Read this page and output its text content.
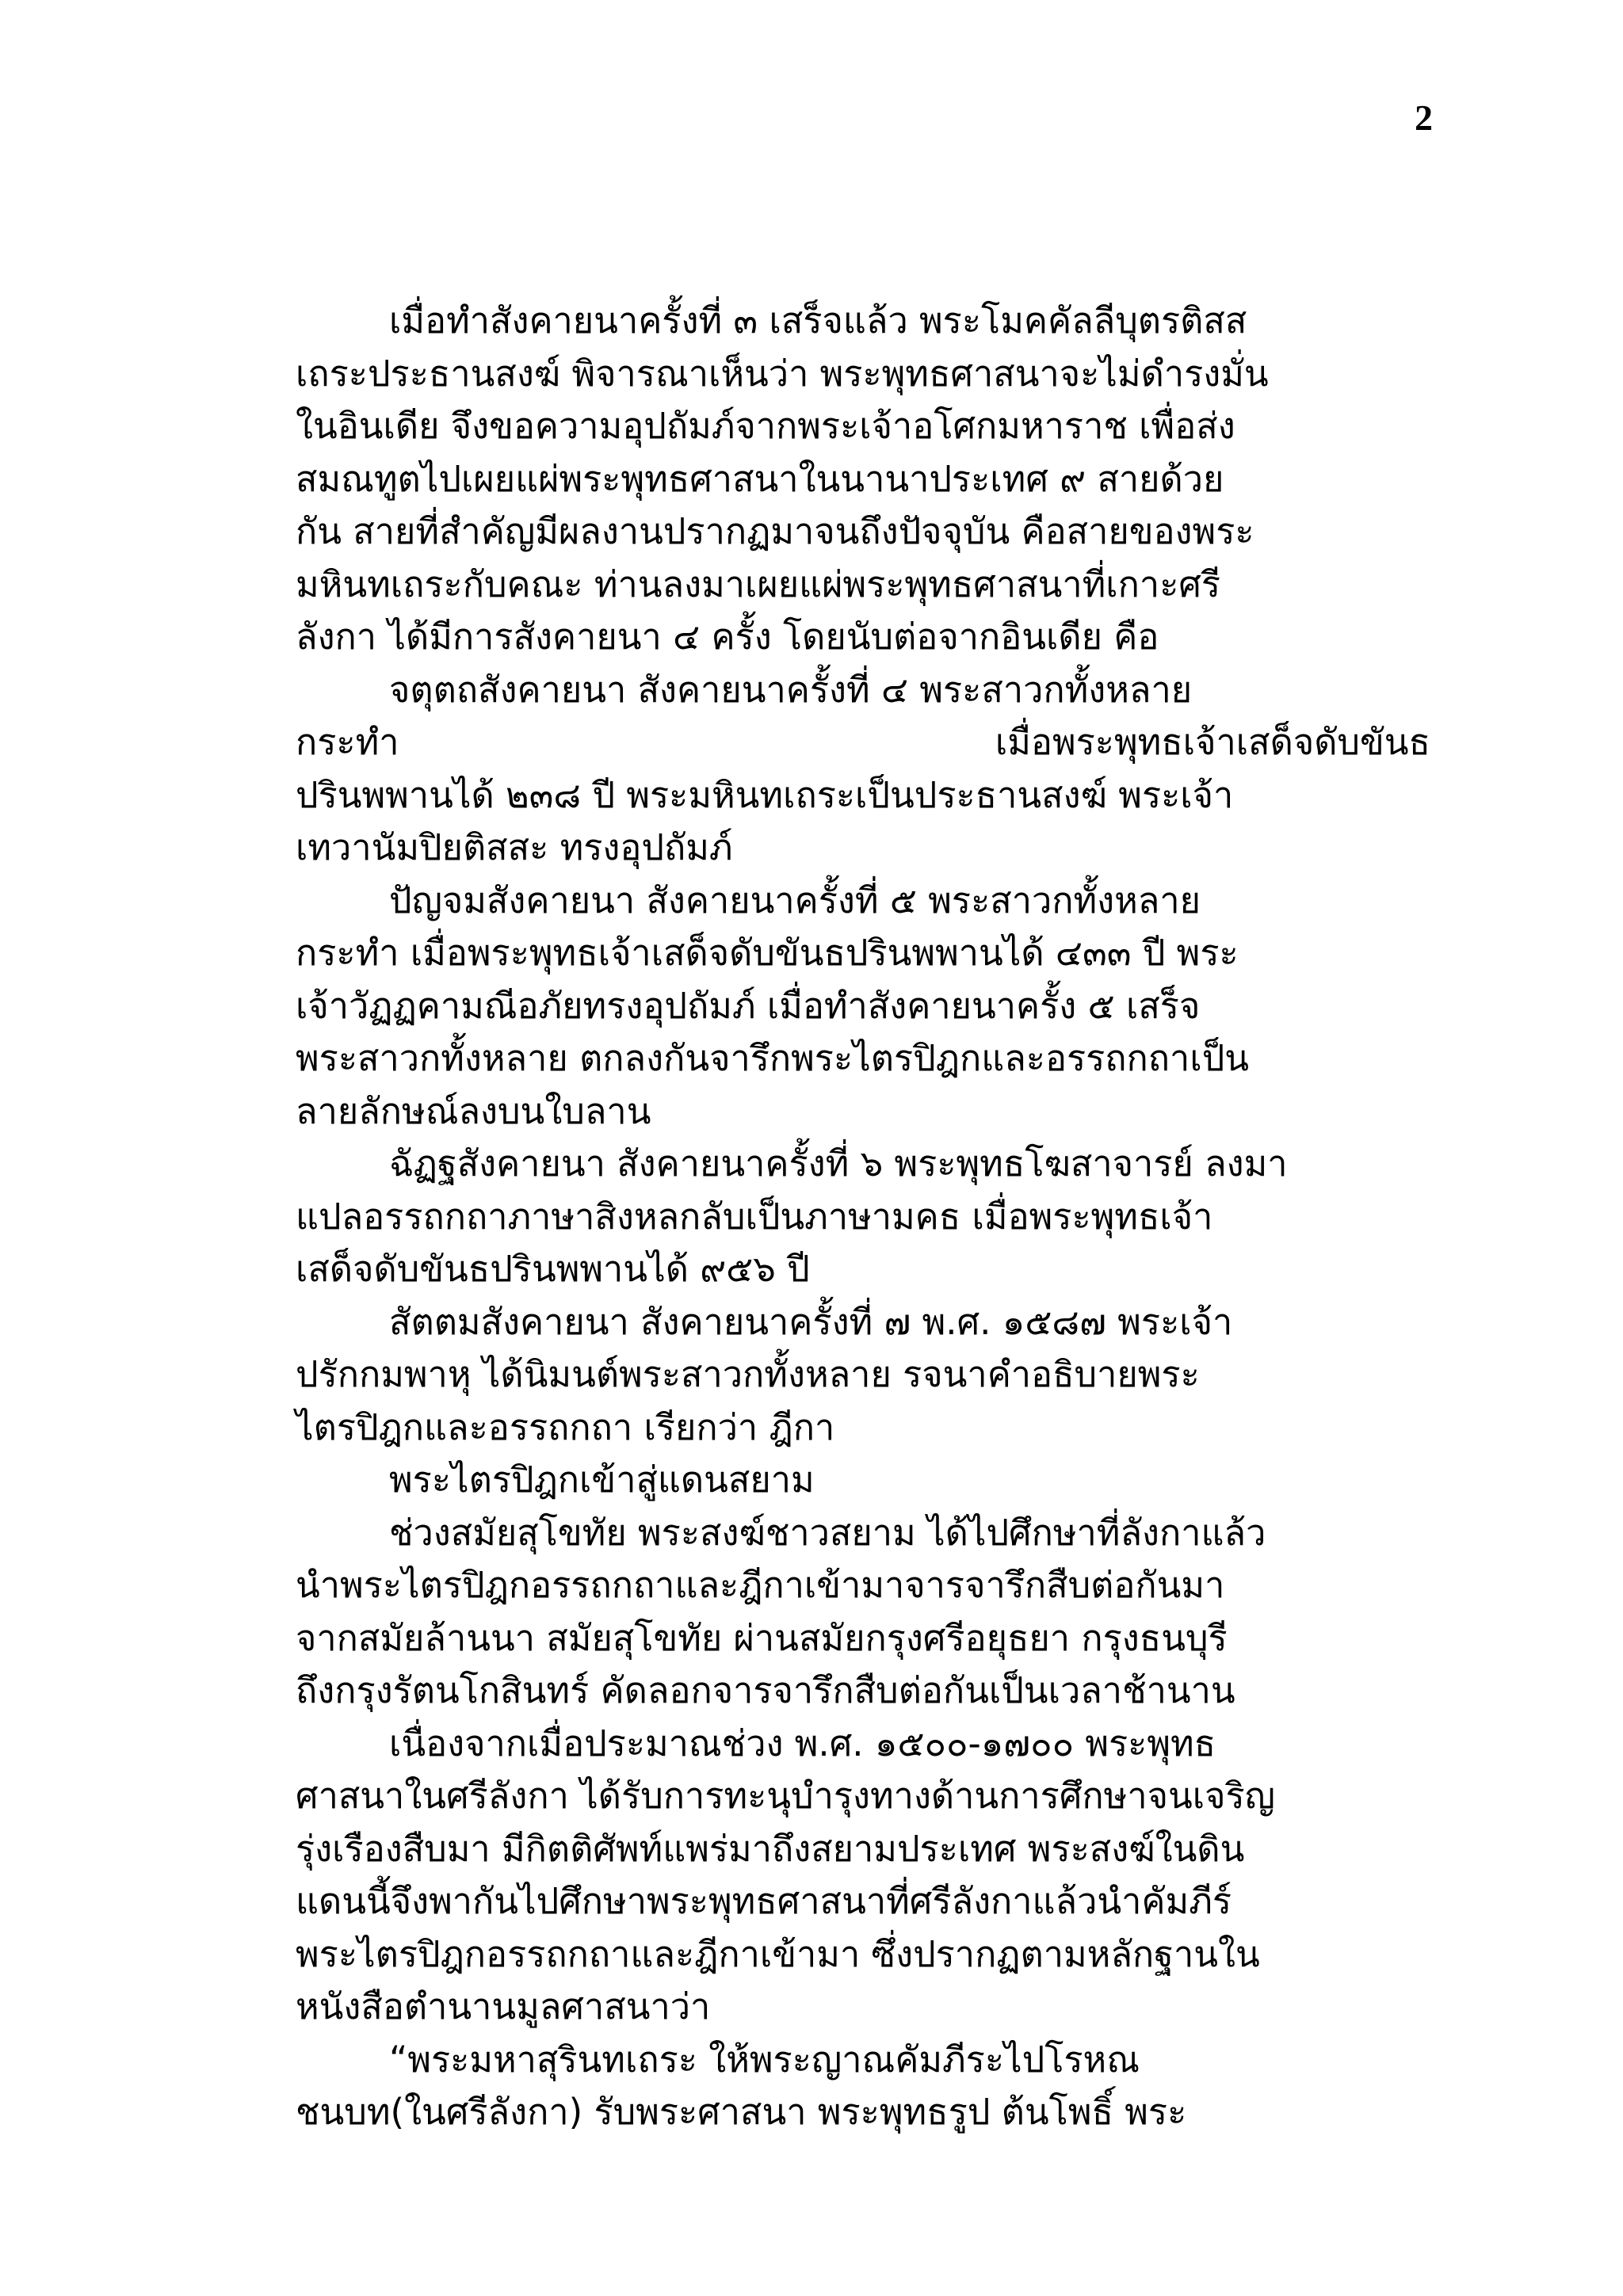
2
เมื่อทำสังคายนาครั้งที่ ๓ เสร็จแล้ว พระโมคคัลลีบุตรติสส
เถระประธานสงฆ์ พิจารณาเห็นว่า พระพุทธศาสนาจะไม่ดำรงมั่น
ในอินเดีย จึงขอความอุปถัมภ์จากพระเจ้าอโศกมหาราช เพื่อส่ง
สมณทูตไปเผยแผ่พระพุทธศาสนาในนานาประเทศ ๙ สายด้วย
กัน สายที่สำคัญมีผลงานปรากฏมาจนถึงปัจจุบัน คือสายของพระ
มหินทเถระกับคณะ ท่านลงมาเผยแผ่พระพุทธศาสนาที่เกาะศรี
ลังกา ได้มีการสังคายนา ๔ ครั้ง โดยนับต่อจากอินเดีย คือ
จตุตถสังคายนา สังคายนาครั้งที่ ๔ พระสาวกทั้งหลาย
กระทำ	เมื่อพระพุทธเจ้าเสด็จดับขันธ
ปรินพพานได้ ๒๓๘ ปี พระมหินทเถระเป็นประธานสงฆ์ พระเจ้า
เทวานัมปิยติสสะ ทรงอุปถัมภ์
ปัญจมสังคายนา สังคายนาครั้งที่ ๕ พระสาวกทั้งหลาย
กระทำ เมื่อพระพุทธเจ้าเสด็จดับขันธปรินพพานได้ ๔๓๓ ปี พระ
เจ้าวัฏฏคามณีอภัยทรงอุปถัมภ์ เมื่อทำสังคายนาครั้ง ๕ เสร็จ
พระสาวกทั้งหลาย ตกลงกันจารึกพระไตรปิฎกและอรรถกถาเป็น
ลายลักษณ์ลงบนใบลาน
ฉัฏฐสังคายนา สังคายนาครั้งที่ ๖ พระพุทธโฆสาจารย์ ลงมา
แปลอรรถกถาภาษาสิงหลกลับเป็นภาษามคธ เมื่อพระพุทธเจ้า
เสด็จดับขันธปรินพพานได้ ๙๕๖ ปี
สัตตมสังคายนา สังคายนาครั้งที่ ๗ พ.ศ. ๑๕๘๗ พระเจ้า
ปรักกมพาหุ ได้นิมนต์พระสาวกทั้งหลาย รจนาคำอธิบายพระ
ไตรปิฎกและอรรถกถา เรียกว่า ฎีกา
พระไตรปิฎกเข้าสู่แดนสยาม
ช่วงสมัยสุโขทัย พระสงฆ์ชาวสยาม ได้ไปศึกษาที่ลังกาแล้ว
นำพระไตรปิฎกอรรถกถาและฎีกาเข้ามาจารจารึกสืบต่อกันมา
จากสมัยล้านนา สมัยสุโขทัย ผ่านสมัยกรุงศรีอยุธยา กรุงธนบุรี
ถึงกรุงรัตนโกสินทร์ คัดลอกจารจารึกสืบต่อกันเป็นเวลาช้านาน
เนื่องจากเมื่อประมาณช่วง พ.ศ. ๑๕๐๐-๑๗๐๐ พระพุทธ
ศาสนาในศรีลังกา ได้รับการทะนุบำรุงทางด้านการศึกษาจนเจริญ
รุ่งเรืองสืบมา มีกิตติศัพท์แพร่มาถึงสยามประเทศ พระสงฆ์ในดิน
แดนนี้จึงพากันไปศึกษาพระพุทธศาสนาที่ศรีลังกาแล้วนำคัมภีร์
พระไตรปิฎกอรรถกถาและฎีกาเข้ามา ซึ่งปรากฏตามหลักฐานใน
หนังสือตำนานมูลศาสนาว่า
“พระมหาสุรินทเถระ ให้พระญาณคัมภีระไปโรหณ
ชนบท(ในศรีลังกา) รับพระศาสนา พระพุทธรูป ต้นโพธิ์ พระ
